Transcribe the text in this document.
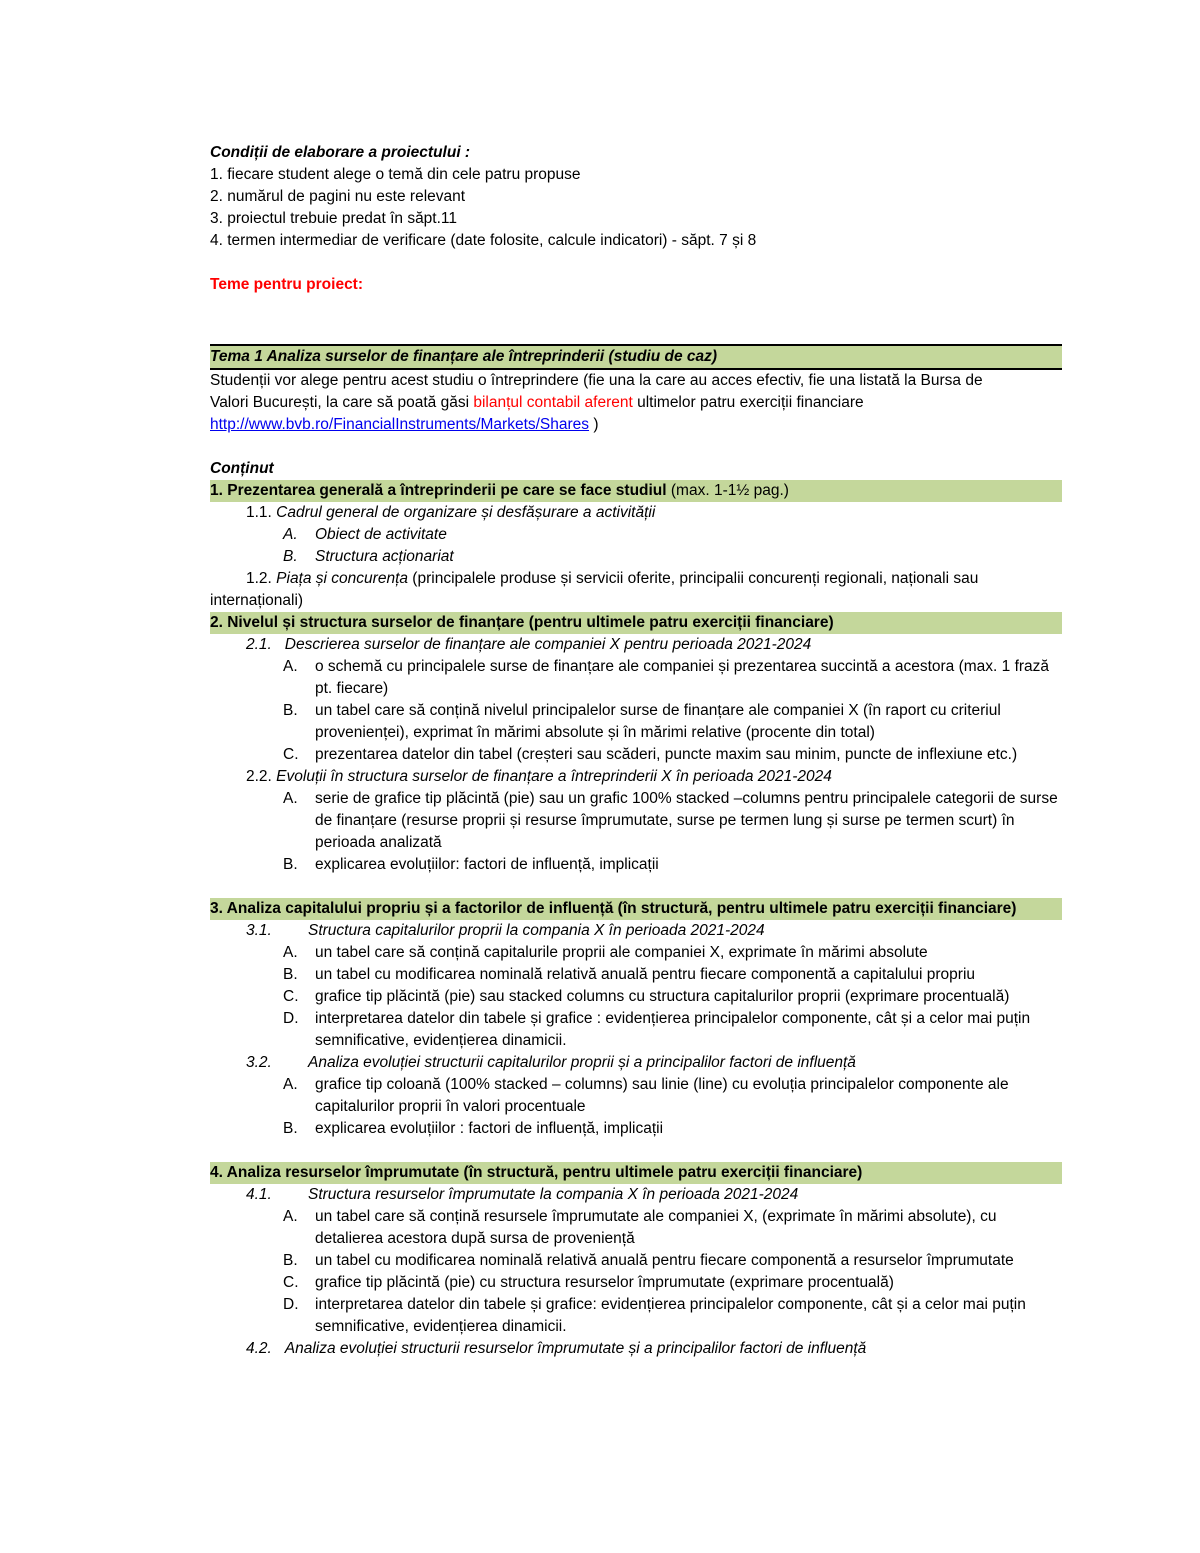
Condiții de elaborare a proiectului :
1. fiecare student alege o temă din cele patru propuse
2. numărul de pagini nu este relevant
3. proiectul trebuie predat în săpt.11
4. termen intermediar de verificare (date folosite, calcule indicatori) - săpt. 7 și 8
Teme pentru proiect:
Tema 1 Analiza surselor de finanțare ale întreprinderii (studiu de caz)
Studenții vor alege pentru acest studiu o întreprindere (fie una la care au acces efectiv, fie una listată la Bursa de Valori București, la care să poată găsi bilanțul contabil aferent ultimelor patru exerciții financiare
http://www.bvb.ro/FinancialInstruments/Markets/Shares )
Conținut
1. Prezentarea generală a întreprinderii pe care se face studiul (max. 1-1½ pag.)
1.1. Cadrul general de organizare și desfășurare a activității
A. Obiect de activitate
B. Structura acționariat
1.2. Piața și concurența (principalele produse și servicii oferite, principalii concurenți regionali, naționali sau internaționali)
2. Nivelul și structura surselor de finanțare (pentru ultimele patru exerciții financiare)
2.1. Descrierea surselor de finanțare ale companiei X pentru perioada 2021-2024
A. o schemă cu principalele surse de finanțare ale companiei și prezentarea succintă a acestora (max. 1 frază pt. fiecare)
B. un tabel care să conțină nivelul principalelor surse de finanțare ale companiei X (în raport cu criteriul provenienței), exprimat în mărimi absolute și în mărimi relative (procente din total)
C. prezentarea datelor din tabel (creșteri sau scăderi, puncte maxim sau minim, puncte de inflexiune etc.)
2.2. Evoluții în structura surselor de finanțare a întreprinderii X în perioada 2021-2024
A. serie de grafice tip plăcintă (pie) sau un grafic 100% stacked –columns pentru principalele categorii de surse de finanțare (resurse proprii și resurse împrumutate, surse pe termen lung și surse pe termen scurt) în perioada analizată
B. explicarea evoluțiilor: factori de influență, implicații
3. Analiza capitalului propriu și a factorilor de influență (în structură, pentru ultimele patru exerciții financiare)
3.1. Structura capitalurilor proprii la compania X în perioada 2021-2024
A. un tabel care să conțină capitalurile proprii ale companiei X, exprimate în mărimi absolute
B. un tabel cu modificarea nominală relativă anuală pentru fiecare componentă a capitalului propriu
C. grafice tip plăcintă (pie) sau stacked columns cu structura capitalurilor proprii (exprimare procentuală)
D. interpretarea datelor din tabele și grafice : evidențierea principalelor componente, cât și a celor mai puțin semnificative, evidențierea dinamicii.
3.2. Analiza evoluției structurii capitalurilor proprii și a principalilor factori de influență
A. grafice tip coloană (100% stacked – columns) sau linie (line) cu evoluția principalelor componente ale capitalurilor proprii în valori procentuale
B. explicarea evoluțiilor : factori de influență, implicații
4. Analiza resurselor împrumutate (în structură, pentru ultimele patru exerciții financiare)
4.1. Structura resurselor împrumutate la compania X în perioada 2021-2024
A. un tabel care să conțină resursele împrumutate ale companiei X, (exprimate în mărimi absolute), cu detalierea acestora după sursa de proveniență
B. un tabel cu modificarea nominală relativă anuală pentru fiecare componentă a resurselor împrumutate
C. grafice tip plăcintă (pie) cu structura resurselor împrumutate (exprimare procentuală)
D. interpretarea datelor din tabele și grafice: evidențierea principalelor componente, cât și a celor mai puțin semnificative, evidențierea dinamicii.
4.2. Analiza evoluției structurii resurselor împrumutate și a principalilor factori de influență
